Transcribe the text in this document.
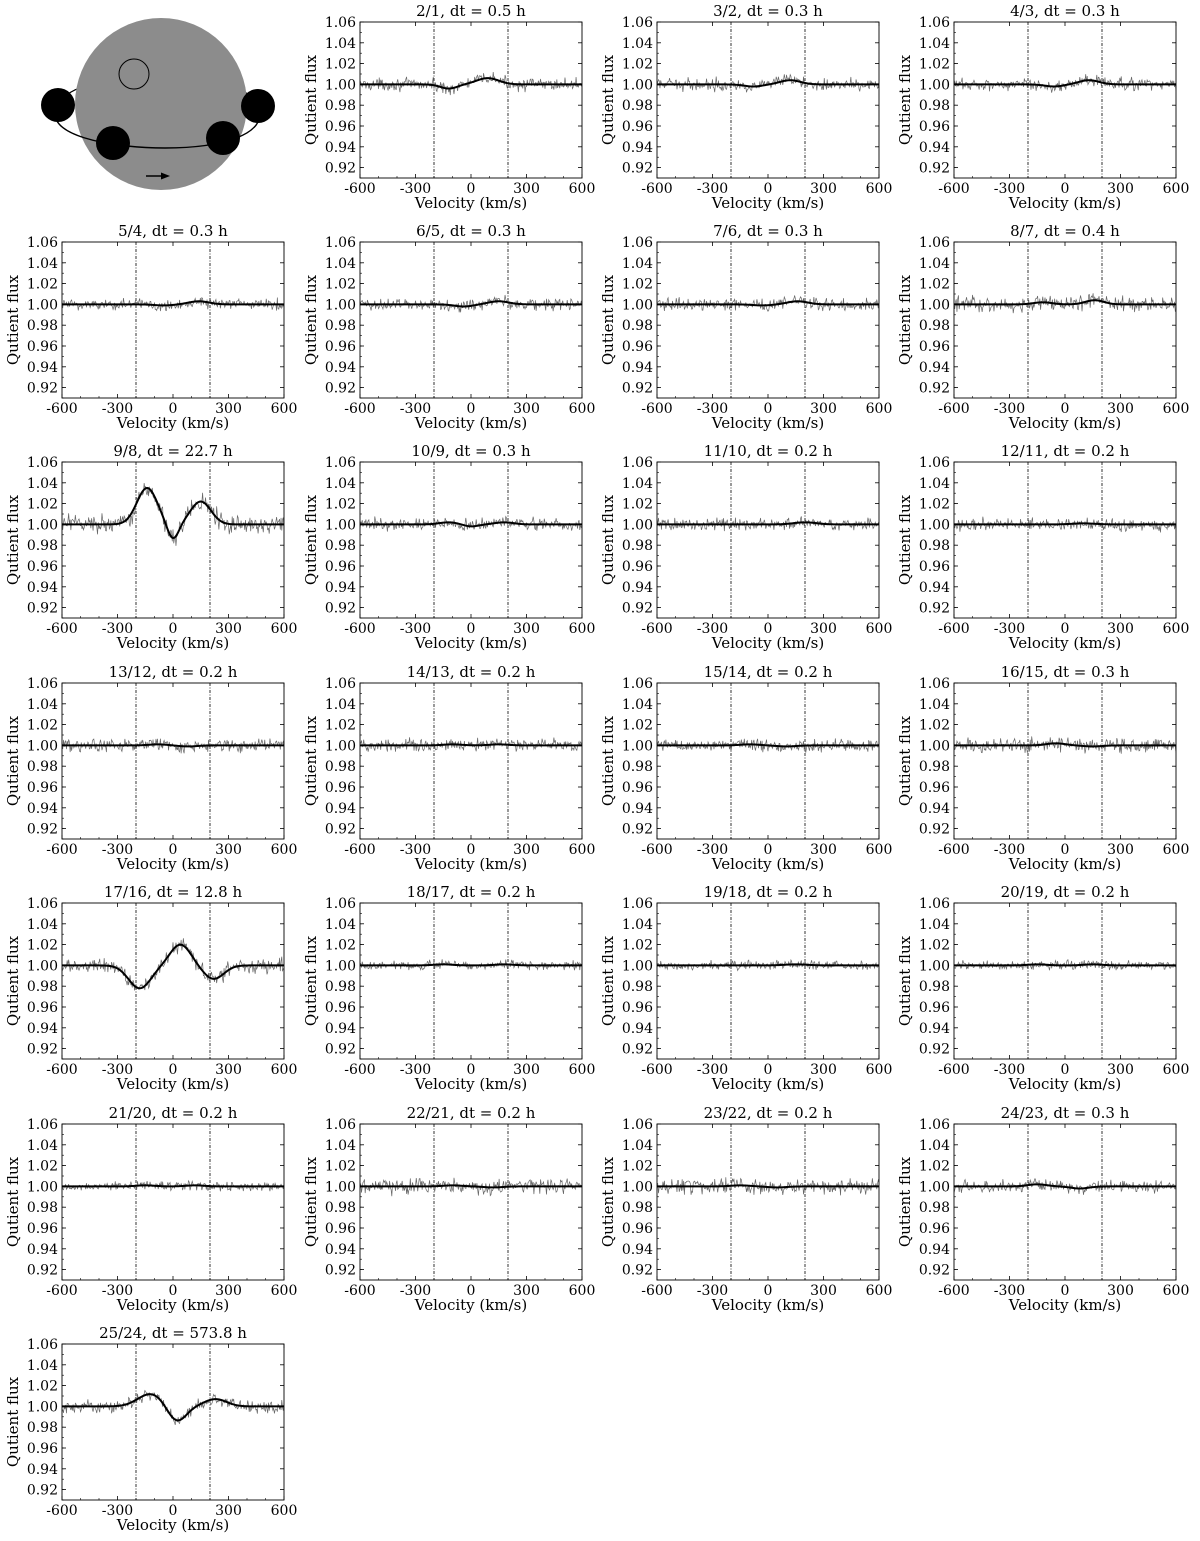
2/1, dt = 0.5 h
0.92
0.94
0.96
0.98
1.00
1.02
1.04
1.06
-600 -300	0	300 600
Velocity (km/s)
Qutient flux
3/2, dt = 0.3 h
0.92
0.94
0.96
0.98
1.00
1.02
1.04
1.06
-600 -300	0	300 600
Velocity (km/s)
Qutient flux
4/3, dt = 0.3 h
0.92
0.94
0.96
0.98
1.00
1.02
1.04
1.06
-600 -300	0	300 600
Velocity (km/s)
Qutient flux
5/4, dt = 0.3 h
0.92
0.94
0.96
0.98
1.00
1.02
1.04
1.06
-600 -300	0	300 600
Velocity (km/s)
Qutient flux
6/5, dt = 0.3 h
0.92
0.94
0.96
0.98
1.00
1.02
1.04
1.06
-600 -300	0	300 600
Velocity (km/s)
Qutient flux
7/6, dt = 0.3 h
0.92
0.94
0.96
0.98
1.00
1.02
1.04
1.06
-600 -300	0	300 600
Velocity (km/s)
Qutient flux
8/7, dt = 0.4 h
0.92
0.94
0.96
0.98
1.00
1.02
1.04
1.06
-600 -300	0	300 600
Velocity (km/s)
Qutient flux
9/8, dt = 22.7 h
0.92
0.94
0.96
0.98
1.00
1.02
1.04
1.06
-600 -300	0	300 600
Velocity (km/s)
Qutient flux
10/9, dt = 0.3 h
0.92
0.94
0.96
0.98
1.00
1.02
1.04
1.06
-600 -300	0	300 600
Velocity (km/s)
Qutient flux
11/10, dt = 0.2 h
0.92
0.94
0.96
0.98
1.00
1.02
1.04
1.06
-600 -300	0	300 600
Velocity (km/s)
Qutient flux
12/11, dt = 0.2 h
0.92
0.94
0.96
0.98
1.00
1.02
1.04
1.06
-600 -300	0	300 600
Velocity (km/s)
Qutient flux
13/12, dt = 0.2 h
0.92
0.94
0.96
0.98
1.00
1.02
1.04
1.06
-600 -300	0	300 600
Velocity (km/s)
Qutient flux
14/13, dt = 0.2 h
0.92
0.94
0.96
0.98
1.00
1.02
1.04
1.06
-600 -300	0	300 600
Velocity (km/s)
Qutient flux
15/14, dt = 0.2 h
0.92
0.94
0.96
0.98
1.00
1.02
1.04
1.06
-600 -300	0	300 600
Velocity (km/s)
Qutient flux
16/15, dt = 0.3 h
0.92
0.94
0.96
0.98
1.00
1.02
1.04
1.06
-600 -300	0	300 600
Velocity (km/s)
Qutient flux
17/16, dt = 12.8 h
0.92
0.94
0.96
0.98
1.00
1.02
1.04
1.06
-600 -300	0	300 600
Velocity (km/s)
Qutient flux
18/17, dt = 0.2 h
0.92
0.94
0.96
0.98
1.00
1.02
1.04
1.06
-600 -300	0	300 600
Velocity (km/s)
Qutient flux
19/18, dt = 0.2 h
0.92
0.94
0.96
0.98
1.00
1.02
1.04
1.06
-600 -300	0	300 600
Velocity (km/s)
Qutient flux
20/19, dt = 0.2 h
0.92
0.94
0.96
0.98
1.00
1.02
1.04
1.06
-600 -300	0	300 600
Velocity (km/s)
Qutient flux
21/20, dt = 0.2 h
0.92
0.94
0.96
0.98
1.00
1.02
1.04
1.06
-600 -300	0	300 600
Velocity (km/s)
Qutient flux
22/21, dt = 0.2 h
0.92
0.94
0.96
0.98
1.00
1.02
1.04
1.06
-600 -300	0	300 600
Velocity (km/s)
Qutient flux
23/22, dt = 0.2 h
0.92
0.94
0.96
0.98
1.00
1.02
1.04
1.06
-600 -300	0	300 600
Velocity (km/s)
Qutient flux
24/23, dt = 0.3 h
0.92
0.94
0.96
0.98
1.00
1.02
1.04
1.06
-600 -300	0	300 600
Velocity (km/s)
Qutient flux
25/24, dt = 573.8 h
0.92
0.94
0.96
0.98
1.00
1.02
1.04
1.06
-600 -300	0	300 600
Velocity (km/s)
Qutient flux
